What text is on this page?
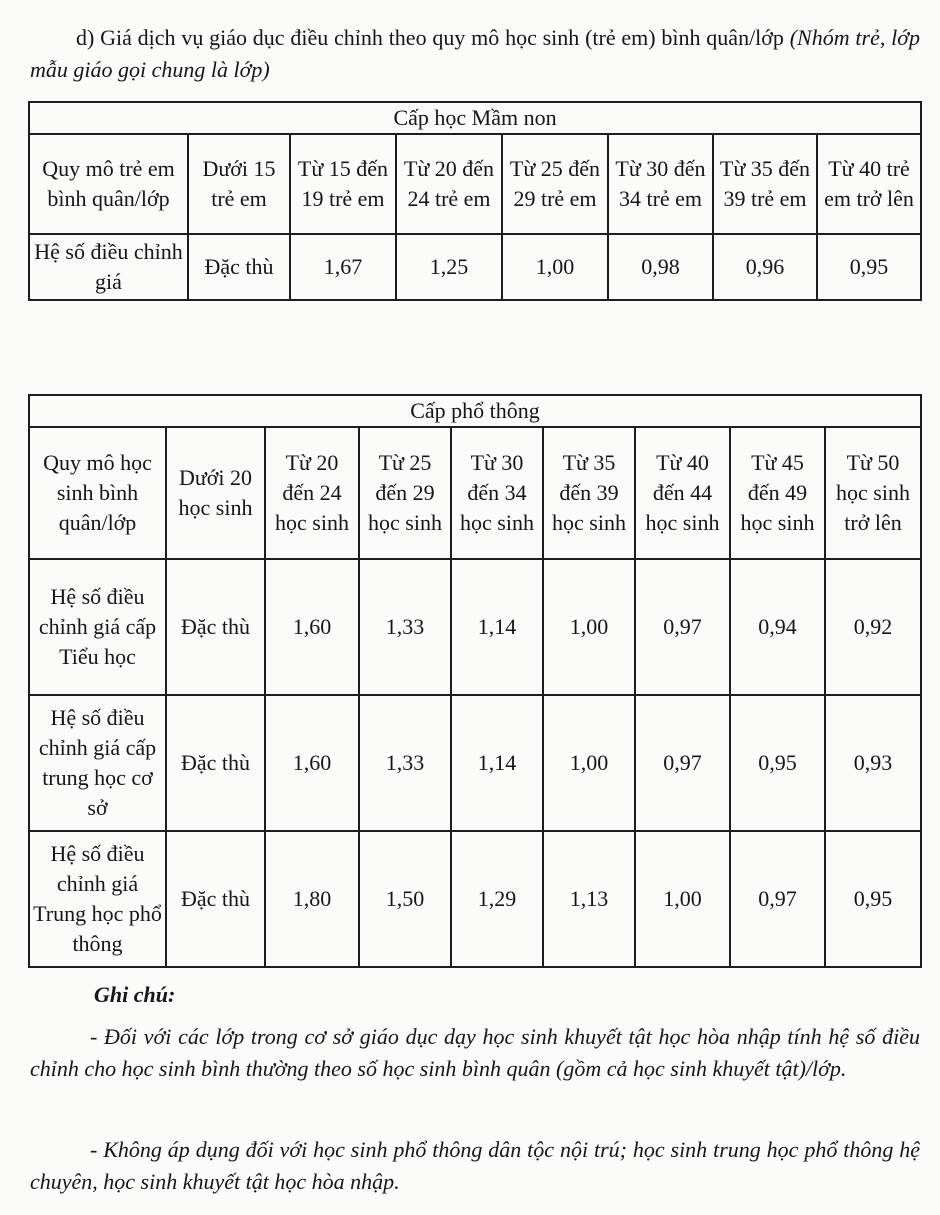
d) Giá dịch vụ giáo dục điều chỉnh theo quy mô học sinh (trẻ em) bình quân/lớp (Nhóm trẻ, lớp mẫu giáo gọi chung là lớp)

Cấp học Mầm non							
Quy mô trẻ em bình quân/lớp	Dưới 15 trẻ em	Từ 15 đến 19 trẻ em	Từ 20 đến 24 trẻ em	Từ 25 đến 29 trẻ em	Từ 30 đến 34 trẻ em	Từ 35 đến 39 trẻ em	Từ 40 trẻ em trở lên
Hệ số điều chỉnh giá	Đặc thù	1,67	1,25	1,00	0,98	0,96	0,95
Cấp phổ thông								
Quy mô học sinh bình quân/lớp	Dưới 20 học sinh	Từ 20 đến 24 học sinh	Từ 25 đến 29 học sinh	Từ 30 đến 34 học sinh	Từ 35 đến 39 học sinh	Từ 40 đến 44 học sinh	Từ 45 đến 49 học sinh	Từ 50 học sinh trở lên
Hệ số điều chỉnh giá cấp Tiểu học	Đặc thù	1,60	1,33	1,14	1,00	0,97	0,94	0,92
Hệ số điều chỉnh giá cấp trung học cơ sở	Đặc thù	1,60	1,33	1,14	1,00	0,97	0,95	0,93
Hệ số điều chỉnh giá Trung học phổ thông	Đặc thù	1,80	1,50	1,29	1,13	1,00	0,97	0,95

Ghi chú:

- Đối với các lớp trong cơ sở giáo dục dạy học sinh khuyết tật học hòa nhập tính hệ số điều chỉnh cho học sinh bình thường theo số học sinh bình quân (gồm cả học sinh khuyết tật)/lớp.

- Không áp dụng đối với học sinh phổ thông dân tộc nội trú; học sinh trung học phổ thông hệ chuyên, học sinh khuyết tật học hòa nhập.
